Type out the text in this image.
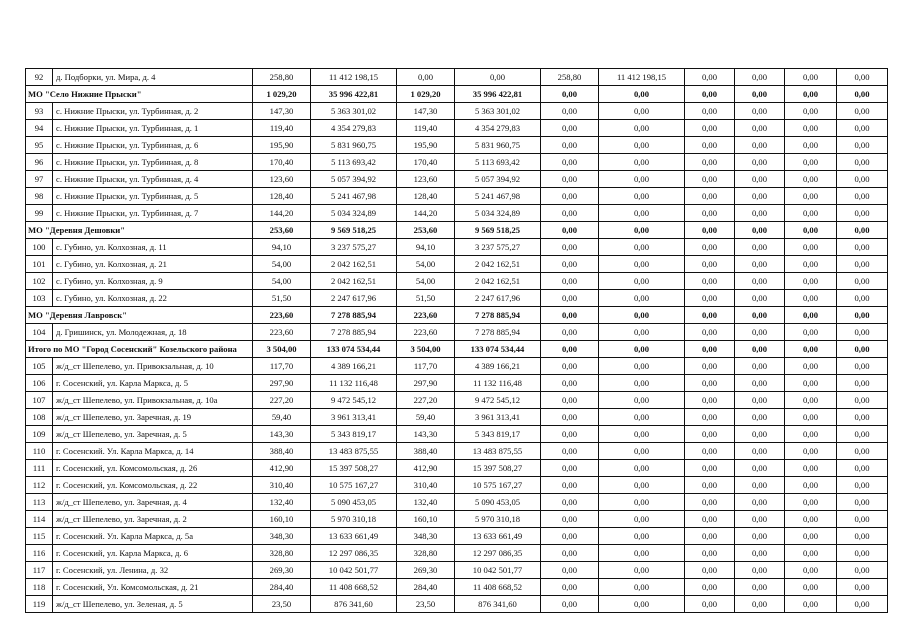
92	д. Подборки, ул. Мира, д. 4	258,80	11 412 198,15	0,00	0,00	258,80	11 412 198,15	0,00	0,00	0,00	0,00
МО "Село Нижние Прыски"		1 029,20	35 996 422,81	1 029,20	35 996 422,81	0,00	0,00	0,00	0,00	0,00	0,00
93	с. Нижние Прыски, ул. Турбинная, д. 2	147,30	5 363 301,02	147,30	5 363 301,02	0,00	0,00	0,00	0,00	0,00	0,00
94	с. Нижние Прыски, ул. Турбинная, д. 1	119,40	4 354 279,83	119,40	4 354 279,83	0,00	0,00	0,00	0,00	0,00	0,00
95	с. Нижние Прыски, ул. Турбинная, д. 6	195,90	5 831 960,75	195,90	5 831 960,75	0,00	0,00	0,00	0,00	0,00	0,00
96	с. Нижние Прыски, ул. Турбинная, д. 8	170,40	5 113 693,42	170,40	5 113 693,42	0,00	0,00	0,00	0,00	0,00	0,00
97	с. Нижние Прыски, ул. Турбинная, д. 4	123,60	5 057 394,92	123,60	5 057 394,92	0,00	0,00	0,00	0,00	0,00	0,00
98	с. Нижние Прыски, ул. Турбинная, д. 5	128,40	5 241 467,98	128,40	5 241 467,98	0,00	0,00	0,00	0,00	0,00	0,00
99	с. Нижние Прыски, ул. Турбинная, д. 7	144,20	5 034 324,89	144,20	5 034 324,89	0,00	0,00	0,00	0,00	0,00	0,00
МО "Деревня Дешовки"		253,60	9 569 518,25	253,60	9 569 518,25	0,00	0,00	0,00	0,00	0,00	0,00
100	с. Губино, ул. Колхозная, д. 11	94,10	3 237 575,27	94,10	3 237 575,27	0,00	0,00	0,00	0,00	0,00	0,00
101	с. Губино, ул. Колхозная, д. 21	54,00	2 042 162,51	54,00	2 042 162,51	0,00	0,00	0,00	0,00	0,00	0,00
102	с. Губино, ул. Колхозная, д. 9	54,00	2 042 162,51	54,00	2 042 162,51	0,00	0,00	0,00	0,00	0,00	0,00
103	с. Губино, ул. Колхозная, д. 22	51,50	2 247 617,96	51,50	2 247 617,96	0,00	0,00	0,00	0,00	0,00	0,00
МО "Деревня Лавровск"		223,60	7 278 885,94	223,60	7 278 885,94	0,00	0,00	0,00	0,00	0,00	0,00
104	д. Гришинск, ул. Молодежная, д. 18	223,60	7 278 885,94	223,60	7 278 885,94	0,00	0,00	0,00	0,00	0,00	0,00
Итого по МО "Город Сосенский" Козельского района		3 504,00	133 074 534,44	3 504,00	133 074 534,44	0,00	0,00	0,00	0,00	0,00	0,00
105	ж/д_ст Шепелево, ул. Привокзальная, д. 10	117,70	4 389 166,21	117,70	4 389 166,21	0,00	0,00	0,00	0,00	0,00	0,00
106	г. Сосенский, ул. Карла Маркса, д. 5	297,90	11 132 116,48	297,90	11 132 116,48	0,00	0,00	0,00	0,00	0,00	0,00
107	ж/д_ст Шепелево, ул. Привокзальная, д. 10а	227,20	9 472 545,12	227,20	9 472 545,12	0,00	0,00	0,00	0,00	0,00	0,00
108	ж/д_ст Шепелево, ул. Заречная, д. 19	59,40	3 961 313,41	59,40	3 961 313,41	0,00	0,00	0,00	0,00	0,00	0,00
109	ж/д_ст Шепелево, ул. Заречная, д. 5	143,30	5 343 819,17	143,30	5 343 819,17	0,00	0,00	0,00	0,00	0,00	0,00
110	г. Сосенский. Ул. Карла Маркса, д. 14	388,40	13 483 875,55	388,40	13 483 875,55	0,00	0,00	0,00	0,00	0,00	0,00
111	г. Сосенский, ул. Комсомольская, д. 26	412,90	15 397 508,27	412,90	15 397 508,27	0,00	0,00	0,00	0,00	0,00	0,00
112	г. Сосенский, ул. Комсомольская, д. 22	310,40	10 575 167,27	310,40	10 575 167,27	0,00	0,00	0,00	0,00	0,00	0,00
113	ж/д_ст Шепелево, ул. Заречная, д. 4	132,40	5 090 453,05	132,40	5 090 453,05	0,00	0,00	0,00	0,00	0,00	0,00
114	ж/д_ст Шепелево, ул. Заречная, д. 2	160,10	5 970 310,18	160,10	5 970 310,18	0,00	0,00	0,00	0,00	0,00	0,00
115	г. Сосенский. Ул. Карла Маркса, д. 5а	348,30	13 633 661,49	348,30	13 633 661,49	0,00	0,00	0,00	0,00	0,00	0,00
116	г. Сосенский, ул. Карла Маркса, д. 6	328,80	12 297 086,35	328,80	12 297 086,35	0,00	0,00	0,00	0,00	0,00	0,00
117	г. Сосенский, ул. Ленина, д. 32	269,30	10 042 501,77	269,30	10 042 501,77	0,00	0,00	0,00	0,00	0,00	0,00
118	г. Сосенский, Ул. Комсомольская, д. 21	284,40	11 408 668,52	284,40	11 408 668,52	0,00	0,00	0,00	0,00	0,00	0,00
119	ж/д_ст Шепелево, ул. Зеленая, д. 5	23,50	876 341,60	23,50	876 341,60	0,00	0,00	0,00	0,00	0,00	0,00
